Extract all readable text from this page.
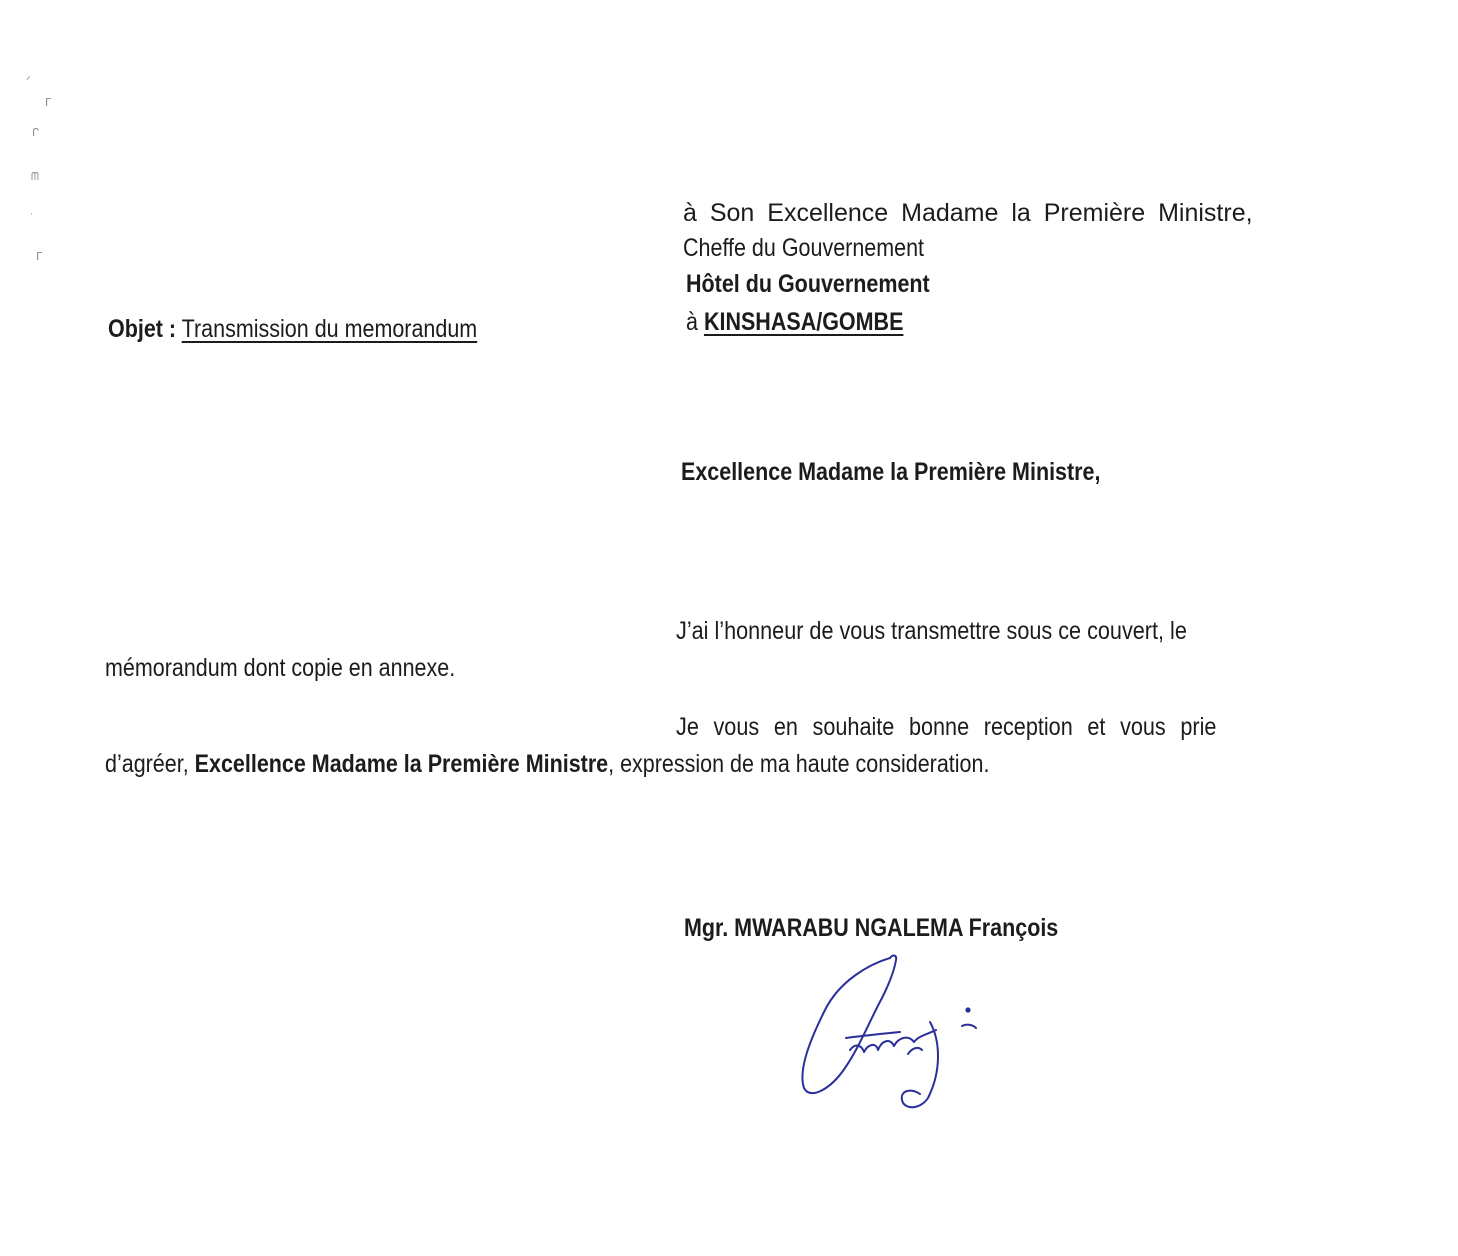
ᐟ
ᒥ
ᒋ
ᗰ
ᐧ
ᒥ
à Son Excellence Madame la Première Ministre,
Cheffe du Gouvernement
Hôtel du Gouvernement
à KINSHASA/GOMBE
Objet : Transmission du memorandum
Excellence Madame la Première Ministre,
J’ai l’honneur de vous transmettre sous ce couvert, le
mémorandum dont copie en annexe.
Je vous en souhaite bonne reception et vous prie
d’agréer, Excellence Madame la Première Ministre, expression de ma haute consideration.
Mgr. MWARABU NGALEMA François
